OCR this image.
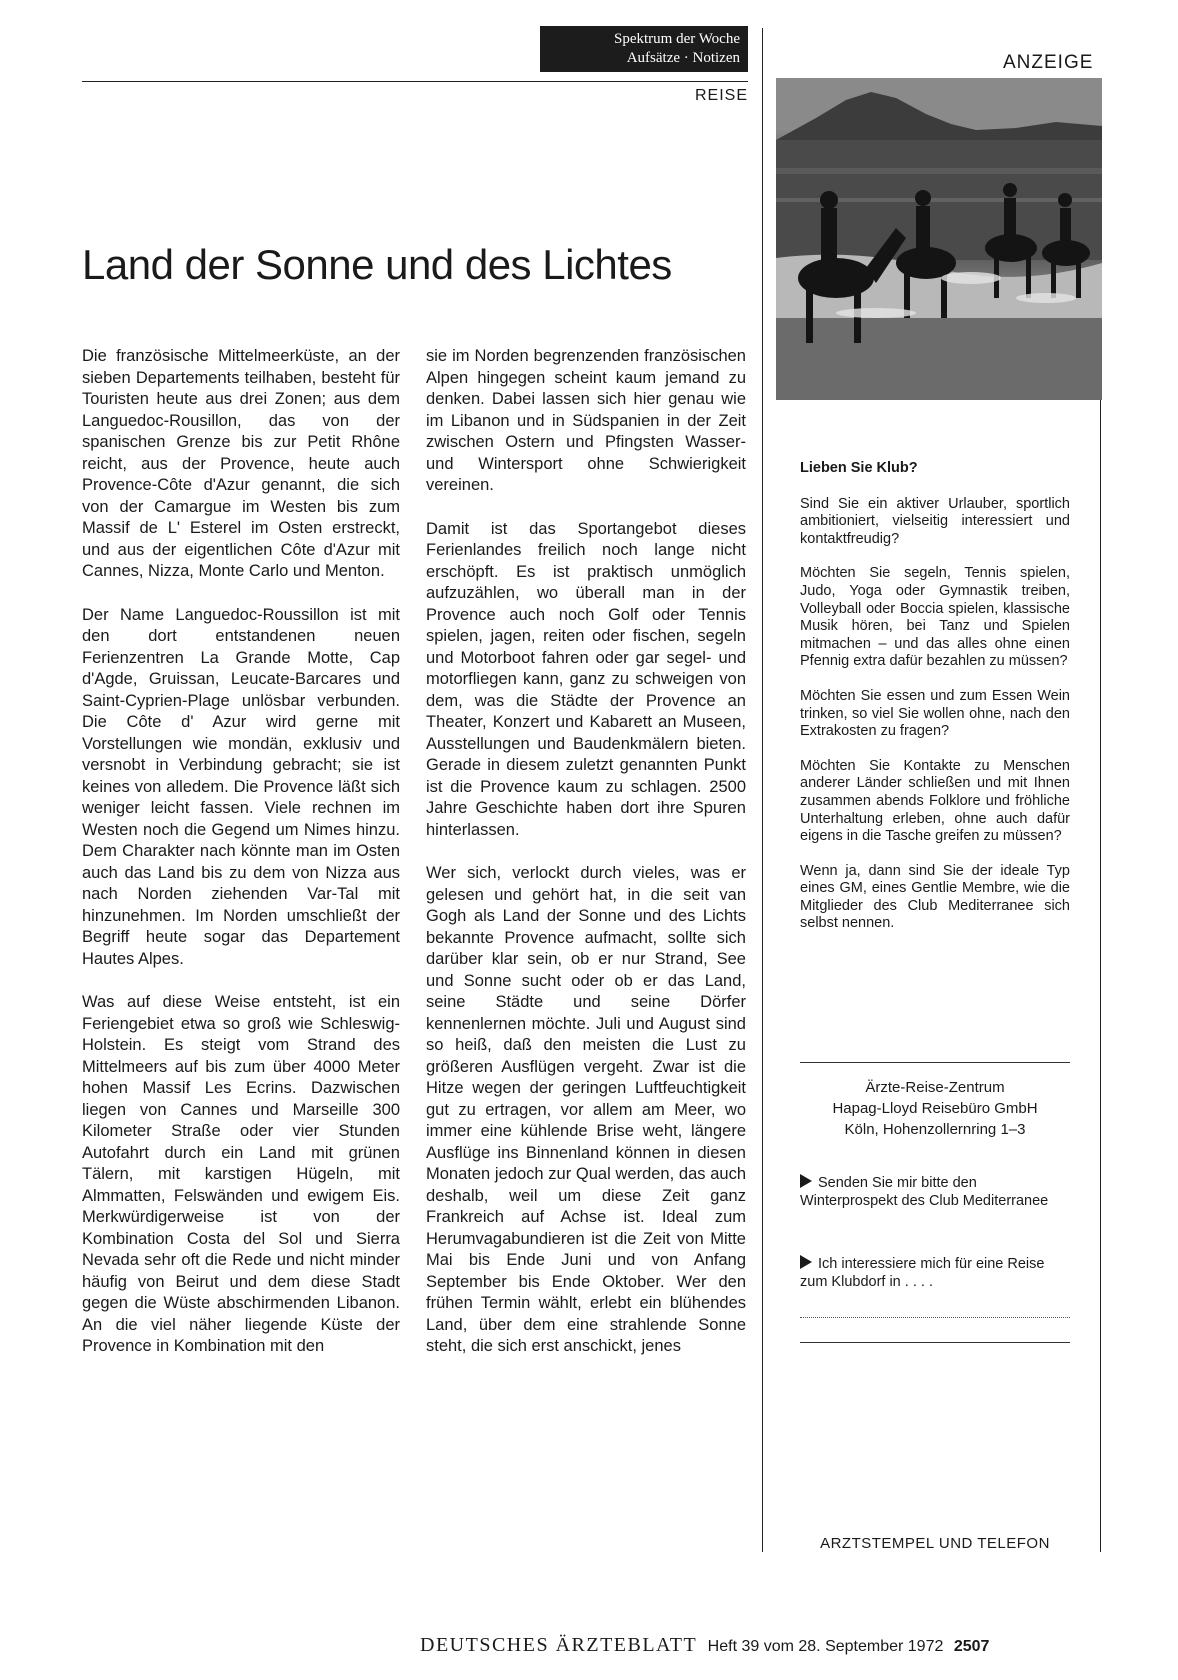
Spektrum der Woche
Aufsätze · Notizen
REISE
ANZEIGE
Land der Sonne und des Lichtes

Die französische Mittelmeerküste, an der sieben Departements teilhaben, besteht für Touristen heute aus drei Zonen; aus dem Languedoc-Rousillon, das von der spanischen Grenze bis zur Petit Rhône reicht, aus der Provence, heute auch Provence-Côte d'Azur genannt, die sich von der Camargue im Westen bis zum Massif de L' Esterel im Osten erstreckt, und aus der eigentlichen Côte d'Azur mit Cannes, Nizza, Monte Carlo und Menton.

Der Name Languedoc-Roussillon ist mit den dort entstandenen neuen Ferienzentren La Grande Motte, Cap d'Agde, Gruissan, Leucate-Barcares und Saint-Cyprien-Plage unlösbar verbunden. Die Côte d' Azur wird gerne mit Vorstellungen wie mondän, exklusiv und versnobt in Verbindung gebracht; sie ist keines von alledem. Die Provence läßt sich weniger leicht fassen. Viele rechnen im Westen noch die Gegend um Nimes hinzu. Dem Charakter nach könnte man im Osten auch das Land bis zu dem von Nizza aus nach Norden ziehenden Var-Tal mit hinzunehmen. Im Norden umschließt der Begriff heute sogar das Departement Hautes Alpes.

Was auf diese Weise entsteht, ist ein Feriengebiet etwa so groß wie Schleswig-Holstein. Es steigt vom Strand des Mittelmeers auf bis zum über 4000 Meter hohen Massif Les Ecrins. Dazwischen liegen von Cannes und Marseille 300 Kilometer Straße oder vier Stunden Autofahrt durch ein Land mit grünen Tälern, mit karstigen Hügeln, mit Almmatten, Felswänden und ewigem Eis. Merkwürdigerweise ist von der Kombination Costa del Sol und Sierra Nevada sehr oft die Rede und nicht minder häufig von Beirut und dem diese Stadt gegen die Wüste abschirmenden Libanon. An die viel näher liegende Küste der Provence in Kombination mit den

sie im Norden begrenzenden französischen Alpen hingegen scheint kaum jemand zu denken. Dabei lassen sich hier genau wie im Libanon und in Südspanien in der Zeit zwischen Ostern und Pfingsten Wasser- und Wintersport ohne Schwierigkeit vereinen.

Damit ist das Sportangebot dieses Ferienlandes freilich noch lange nicht erschöpft. Es ist praktisch unmöglich aufzuzählen, wo überall man in der Provence auch noch Golf oder Tennis spielen, jagen, reiten oder fischen, segeln und Motorboot fahren oder gar segel- und motorfliegen kann, ganz zu schweigen von dem, was die Städte der Provence an Theater, Konzert und Kabarett an Museen, Ausstellungen und Baudenkmälern bieten. Gerade in diesem zuletzt genannten Punkt ist die Provence kaum zu schlagen. 2500 Jahre Geschichte haben dort ihre Spuren hinterlassen.

Wer sich, verlockt durch vieles, was er gelesen und gehört hat, in die seit van Gogh als Land der Sonne und des Lichts bekannte Provence aufmacht, sollte sich darüber klar sein, ob er nur Strand, See und Sonne sucht oder ob er das Land, seine Städte und seine Dörfer kennenlernen möchte. Juli und August sind so heiß, daß den meisten die Lust zu größeren Ausflügen vergeht. Zwar ist die Hitze wegen der geringen Luftfeuchtigkeit gut zu ertragen, vor allem am Meer, wo immer eine kühlende Brise weht, längere Ausflüge ins Binnenland können in diesen Monaten jedoch zur Qual werden, das auch deshalb, weil um diese Zeit ganz Frankreich auf Achse ist. Ideal zum Herumvagabundieren ist die Zeit von Mitte Mai bis Ende Juni und von Anfang September bis Ende Oktober. Wer den frühen Termin wählt, erlebt ein blühendes Land, über dem eine strahlende Sonne steht, die sich erst anschickt, jenes

Lieben Sie Klub?

Sind Sie ein aktiver Urlauber, sportlich ambitioniert, vielseitig interessiert und kontaktfreudig?

Möchten Sie segeln, Tennis spielen, Judo, Yoga oder Gymnastik treiben, Volleyball oder Boccia spielen, klassische Musik hören, bei Tanz und Spielen mitmachen – und das alles ohne einen Pfennig extra dafür bezahlen zu müssen?

Möchten Sie essen und zum Essen Wein trinken, so viel Sie wollen ohne, nach den Extrakosten zu fragen?

Möchten Sie Kontakte zu Menschen anderer Länder schließen und mit Ihnen zusammen abends Folklore und fröhliche Unterhaltung erleben, ohne auch dafür eigens in die Tasche greifen zu müssen?

Wenn ja, dann sind Sie der ideale Typ eines GM, eines Gentlie Membre, wie die Mitglieder des Club Mediterranee sich selbst nennen.

Ärzte-Reise-Zentrum
Hapag-Lloyd Reisebüro GmbH
Köln, Hohenzollernring 1–3
Senden Sie mir bitte den Winterprospekt des Club Mediterranee
Ich interessiere mich für eine Reise zum Klubdorf in . . . .
ARZTSTEMPEL UND TELEFON
DEUTSCHES ÄRZTEBLATT Heft 39 vom 28. September 1972 2507
